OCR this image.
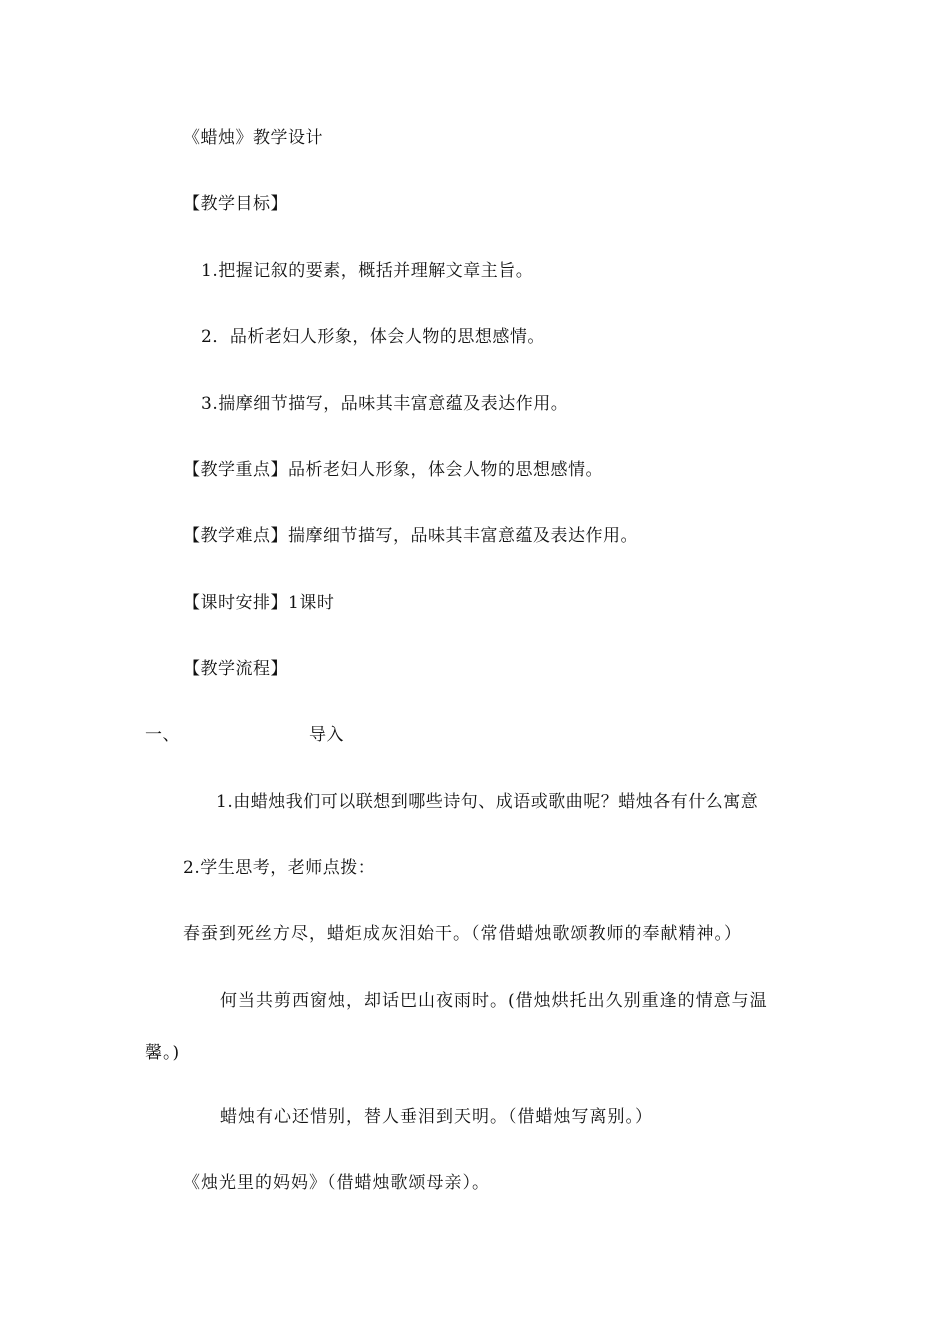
《蜡烛》教学设计
【教学目标】
1.把握记叙的要素，概括并理解文章主旨。
2．品析老妇人形象，体会人物的思想感情。
3.揣摩细节描写，品味其丰富意蕴及表达作用。
【教学重点】品析老妇人形象，体会人物的思想感情。
【教学难点】揣摩细节描写，品味其丰富意蕴及表达作用。
【课时安排】1课时
【教学流程】
一、	导入
1.由蜡烛我们可以联想到哪些诗句、成语或歌曲呢？蜡烛各有什么寓意
2.学生思考，老师点拨：
春蚕到死丝方尽，蜡炬成灰泪始干。（常借蜡烛歌颂教师的奉献精神。）
何当共剪西窗烛，却话巴山夜雨时。(借烛烘托出久别重逢的情意与温
馨。)
蜡烛有心还惜别，替人垂泪到天明。（借蜡烛写离别。）
《烛光里的妈妈》（借蜡烛歌颂母亲）。
